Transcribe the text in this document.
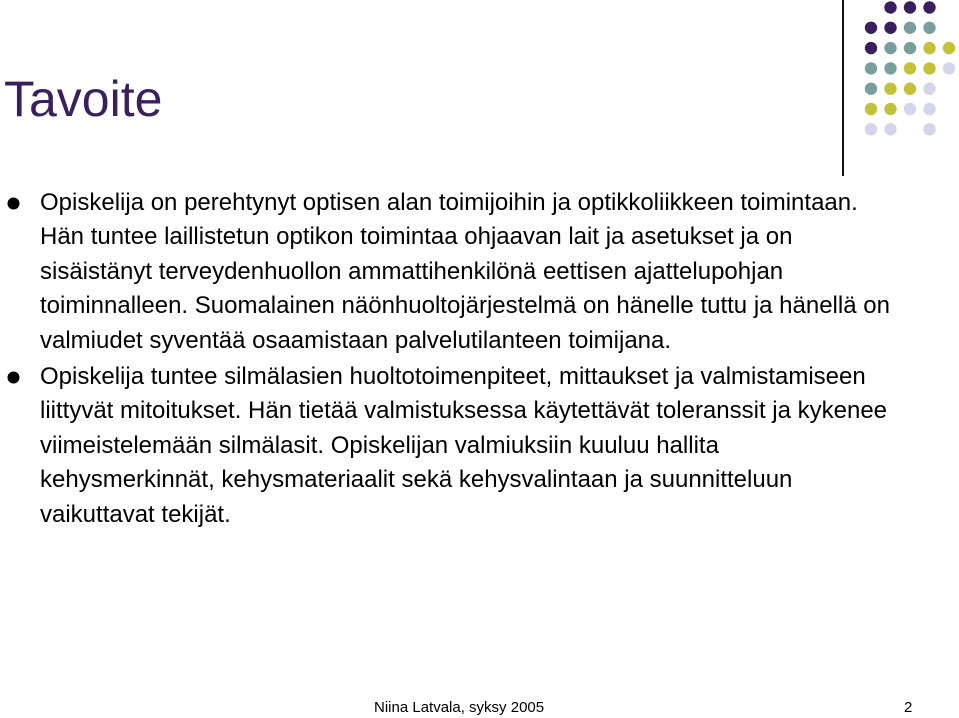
Tavoite
Opiskelija on perehtynyt optisen alan toimijoihin ja optikkoliikkeen toimintaan. Hän tuntee laillistetun optikon toimintaa ohjaavan lait ja asetukset ja on sisäistänyt terveydenhuollon ammattihenkilönä eettisen ajattelupohjan toiminnalleen. Suomalainen näönhuoltojärjestelmä on hänelle tuttu ja hänellä on valmiudet syventää osaamistaan palvelutilanteen toimijana.
Opiskelija tuntee silmälasien huoltotoimenpiteet, mittaukset ja valmistamiseen liittyvät mitoitukset. Hän tietää valmistuksessa käytettävät toleranssit ja kykenee viimeistelemään silmälasit. Opiskelijan valmiuksiin kuuluu hallita kehysmerkinnät, kehysmateriaalit sekä kehysvalintaan ja suunnitteluun vaikuttavat tekijät.
Niina Latvala, syksy 2005	2
